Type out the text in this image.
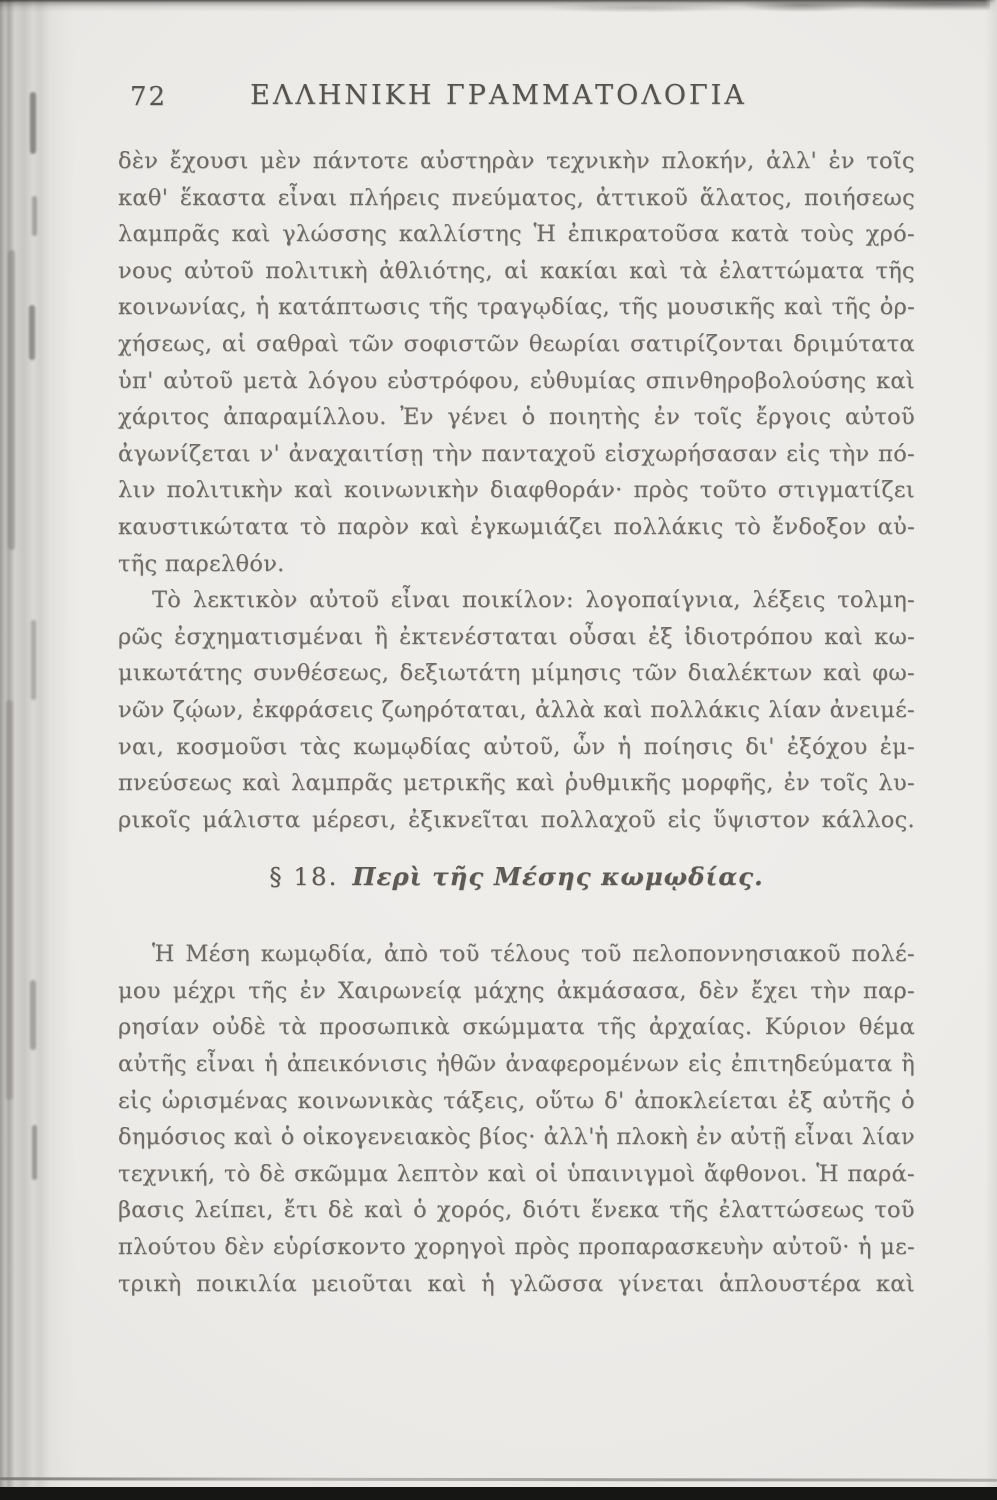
72	ΕΛΛΗΝΙΚΗ ΓΡΑΜΜΑΤΟΛΟΓΙΑ
δὲν ἔχουσι μὲν πάντοτε αὐστηρὰν τεχνικὴν πλοκήν, ἀλλ' ἐν τοῖς
καθ' ἕκαστα εἶναι πλήρεις πνεύματος, ἀττικοῦ ἅλατος, ποιήσεως
λαμπρᾶς καὶ γλώσσης καλλίστης Ἡ ἐπικρατοῦσα κατὰ τοὺς χρό-
νους αὐτοῦ πολιτικὴ ἀθλιότης, αἱ κακίαι καὶ τὰ ἐλαττώματα τῆς
κοινωνίας, ἡ κατάπτωσις τῆς τραγῳδίας, τῆς μουσικῆς καὶ τῆς ὀρ-
χήσεως, αἱ σαθραὶ τῶν σοφιστῶν θεωρίαι σατιρίζονται δριμύτατα
ὑπ' αὐτοῦ μετὰ λόγου εὐστρόφου, εὐθυμίας σπινθηροβολούσης καὶ
χάριτος ἀπαραμίλλου. Ἐν γένει ὁ ποιητὴς ἐν τοῖς ἔργοις αὐτοῦ
ἀγωνίζεται ν' ἀναχαιτίσῃ τὴν πανταχοῦ εἰσχωρήσασαν εἰς τὴν πό-
λιν πολιτικὴν καὶ κοινωνικὴν διαφθοράν· πρὸς τοῦτο στιγματίζει
καυστικώτατα τὸ παρὸν καὶ ἐγκωμιάζει πολλάκις τὸ ἔνδοξον αὐ-
τῆς παρελθόν.
Τὸ λεκτικὸν αὐτοῦ εἶναι ποικίλον: λογοπαίγνια, λέξεις τολμη-
ρῶς ἐσχηματισμέναι ἢ ἐκτενέσταται οὖσαι ἐξ ἰδιοτρόπου καὶ κω-
μικωτάτης συνθέσεως, δεξιωτάτη μίμησις τῶν διαλέκτων καὶ φω-
νῶν ζῴων, ἐκφράσεις ζωηρόταται, ἀλλὰ καὶ πολλάκις λίαν ἀνειμέ-
ναι, κοσμοῦσι τὰς κωμῳδίας αὐτοῦ, ὧν ἡ ποίησις δι' ἐξόχου ἐμ-
πνεύσεως καὶ λαμπρᾶς μετρικῆς καὶ ῥυθμικῆς μορφῆς, ἐν τοῖς λυ-
ρικοῖς μάλιστα μέρεσι, ἐξικνεῖται πολλαχοῦ εἰς ὕψιστον κάλλος.
§ 18. Περὶ τῆς Μέσης κωμῳδίας.
Ἡ Μέση κωμῳδία, ἀπὸ τοῦ τέλους τοῦ πελοποννησιακοῦ πολέ-
μου μέχρι τῆς ἐν Χαιρωνείᾳ μάχης ἀκμάσασα, δὲν ἔχει τὴν παρ-
ρησίαν οὐδὲ τὰ προσωπικὰ σκώμματα τῆς ἀρχαίας. Κύριον θέμα
αὐτῆς εἶναι ἡ ἀπεικόνισις ἠθῶν ἀναφερομένων εἰς ἐπιτηδεύματα ἢ
εἰς ὡρισμένας κοινωνικὰς τάξεις, οὕτω δ' ἀποκλείεται ἐξ αὐτῆς ὁ
δημόσιος καὶ ὁ οἰκογενειακὸς βίος· ἀλλ'ἡ πλοκὴ ἐν αὐτῇ εἶναι λίαν
τεχνική, τὸ δὲ σκῶμμα λεπτὸν καὶ οἱ ὑπαινιγμοὶ ἄφθονοι. Ἡ παρά-
βασις λείπει, ἔτι δὲ καὶ ὁ χορός, διότι ἕνεκα τῆς ἐλαττώσεως τοῦ
πλούτου δὲν εὑρίσκοντο χορηγοὶ πρὸς προπαρασκευὴν αὐτοῦ· ἡ με-
τρικὴ ποικιλία μειοῦται καὶ ἡ γλῶσσα γίνεται ἁπλουστέρα καὶ
